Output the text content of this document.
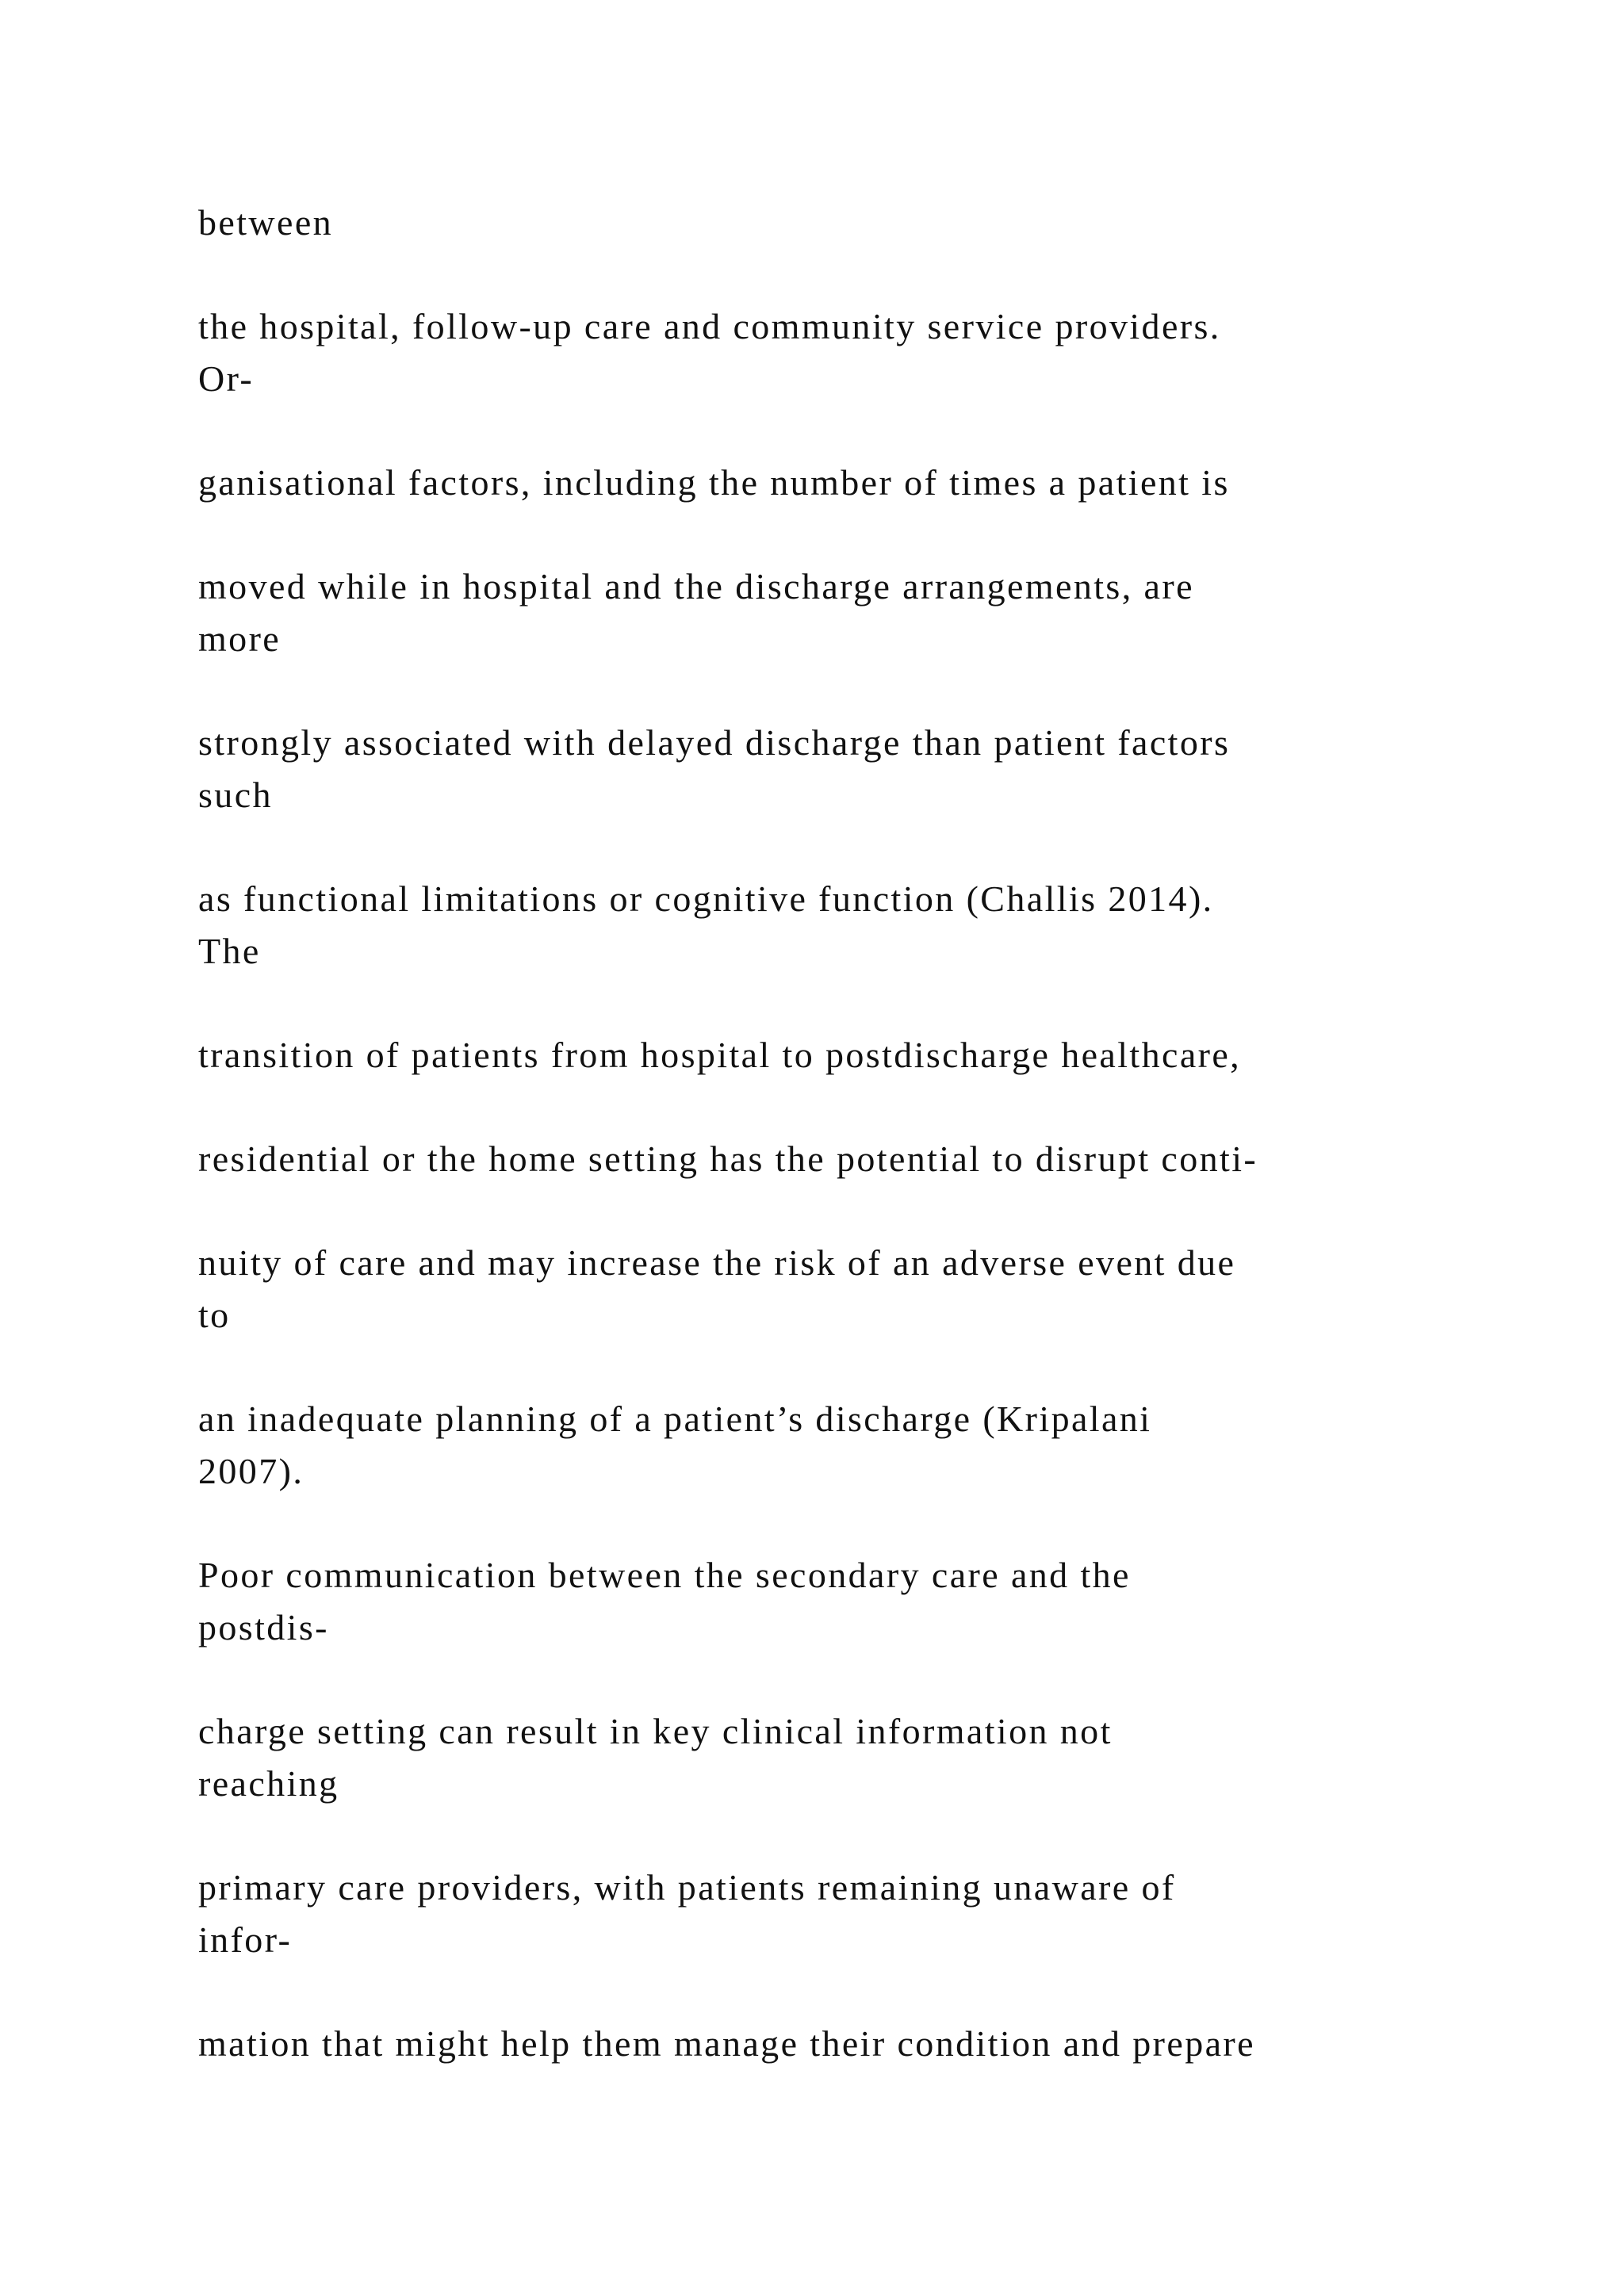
between

the hospital, follow-up care and community service providers.
Or-

ganisational factors, including the number of times a patient is

moved while in hospital and the discharge arrangements, are
more

strongly associated with delayed discharge than patient factors
such

as functional limitations or cognitive function (Challis 2014).
The

transition of patients from hospital to postdischarge healthcare,

residential or the home setting has the potential to disrupt conti-

nuity of care and may increase the risk of an adverse event due
to

an inadequate planning of a patient’s discharge (Kripalani
2007).

Poor communication between the secondary care and the
postdis-

charge setting can result in key clinical information not
reaching

primary care providers, with patients remaining unaware of
infor-

mation that might help them manage their condition and prepare
